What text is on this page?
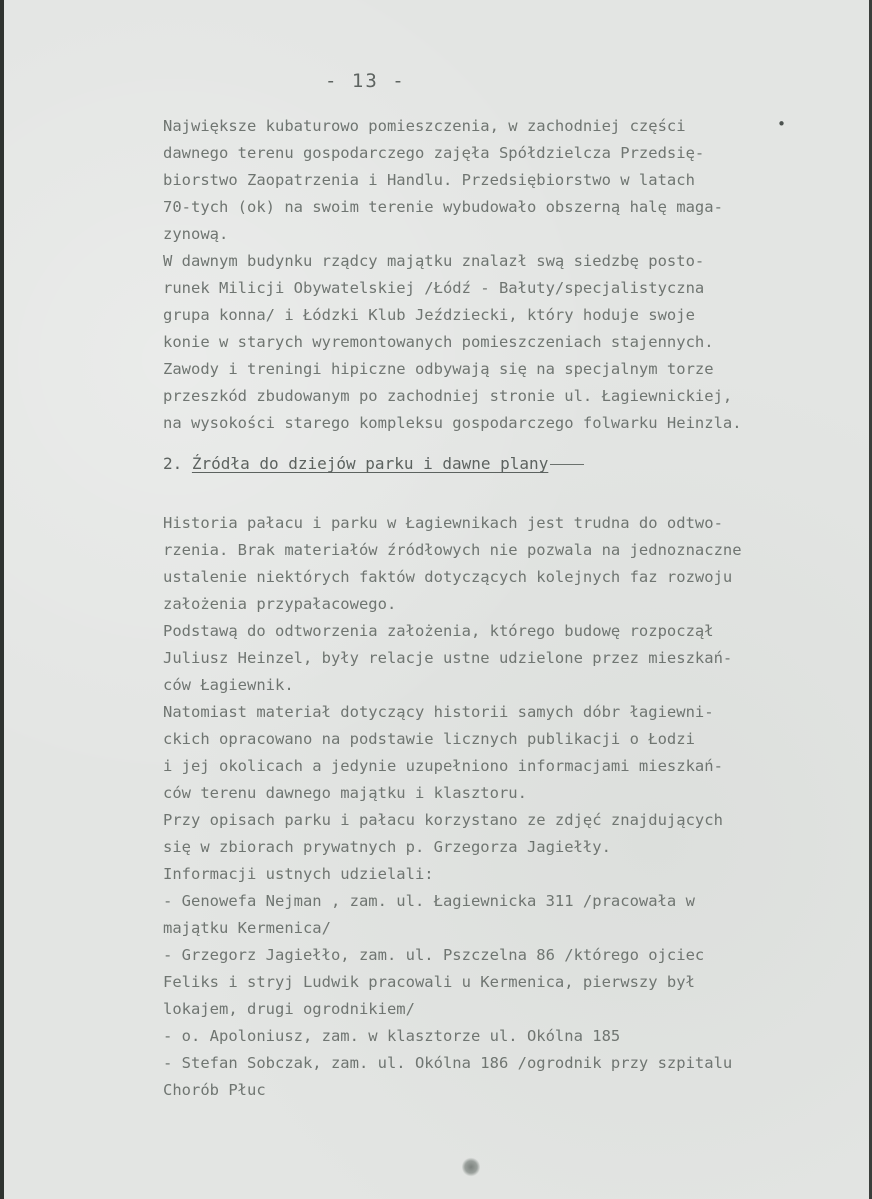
- 13 -
•
Największe kubaturowo pomieszczenia, w zachodniej części
dawnego terenu gospodarczego zajęła Spółdzielcza Przedsię-
biorstwo Zaopatrzenia i Handlu. Przedsiębiorstwo w latach
70-tych (ok) na swoim terenie wybudowało obszerną halę maga-
zynową.
W dawnym budynku rządcy majątku znalazł swą siedzbę posto-
runek Milicji Obywatelskiej /Łódź - Bałuty/specjalistyczna
grupa konna/ i Łódzki Klub Jeździecki, który hoduje swoje
konie w starych wyremontowanych pomieszczeniach stajennych.
Zawody i treningi hipiczne odbywają się na specjalnym torze
przeszkód zbudowanym po zachodniej stronie ul. Łagiewnickiej,
na wysokości starego kompleksu gospodarczego folwarku Heinzla.
2. Źródła do dziejów parku i dawne plany
Historia pałacu i parku w Łagiewnikach jest trudna do odtwo-
rzenia. Brak materiałów źródłowych nie pozwala na jednoznaczne
ustalenie niektórych faktów dotyczących kolejnych faz rozwoju
założenia przypałacowego.
Podstawą do odtworzenia założenia, którego budowę rozpoczął
Juliusz Heinzel, były relacje ustne udzielone przez mieszkań-
ców Łagiewnik.
Natomiast materiał dotyczący historii samych dóbr łagiewni-
ckich opracowano na podstawie licznych publikacji o Łodzi
i jej okolicach a jedynie uzupełniono informacjami mieszkań-
ców terenu dawnego majątku i klasztoru.
Przy opisach parku i pałacu korzystano ze zdjęć znajdujących
się w zbiorach prywatnych p. Grzegorza Jagiełły.
Informacji ustnych udzielali:
- Genowefa Nejman , zam. ul. Łagiewnicka 311 /pracowała w
majątku Kermenica/
- Grzegorz Jagiełło, zam. ul. Pszczelna 86 /którego ojciec
Feliks i stryj Ludwik pracowali u Kermenica, pierwszy był
lokajem, drugi ogrodnikiem/
- o. Apoloniusz, zam. w klasztorze ul. Okólna 185
- Stefan Sobczak, zam. ul. Okólna 186 /ogrodnik przy szpitalu
Chorób Płuc
